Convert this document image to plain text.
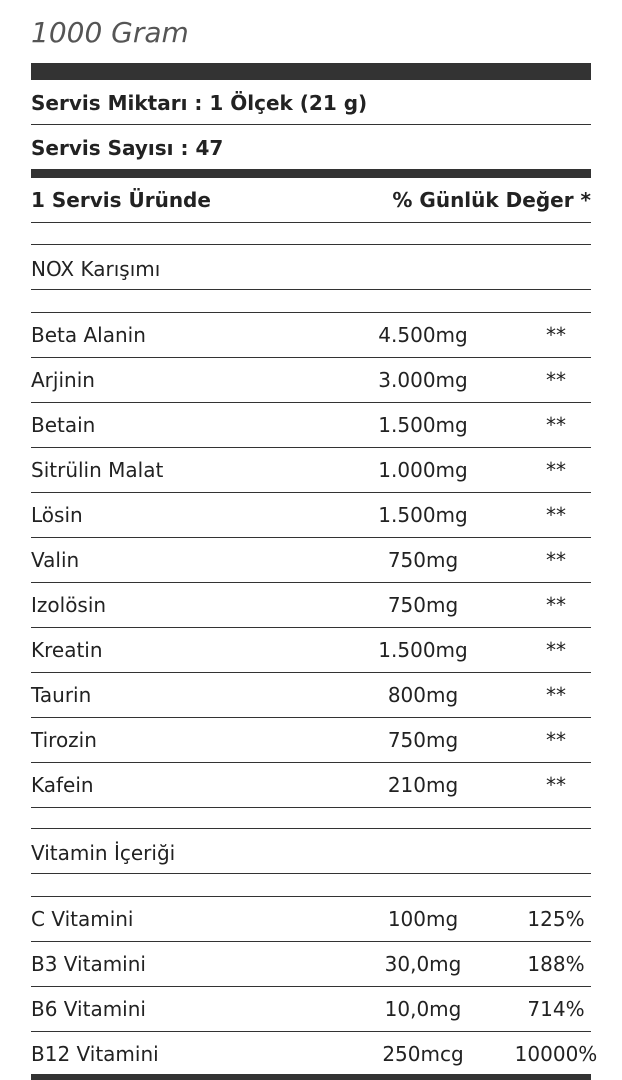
1000 Gram
Servis Miktarı : 1 Ölçek (21 g)
Servis Sayısı : 47
1 Servis Üründe	% Günlük Değer *
NOX Karışımı
Beta Alanin	4.500mg	**
Arjinin	3.000mg	**
Betain	1.500mg	**
Sitrülin Malat	1.000mg	**
Lösin	1.500mg	**
Valin	750mg	**
Izolösin	750mg	**
Kreatin	1.500mg	**
Taurin	800mg	**
Tirozin	750mg	**
Kafein	210mg	**
Vitamin İçeriği
C Vitamini	100mg	125%
B3 Vitamini	30,0mg	188%
B6 Vitamini	10,0mg	714%
B12 Vitamini	250mcg	10000%
